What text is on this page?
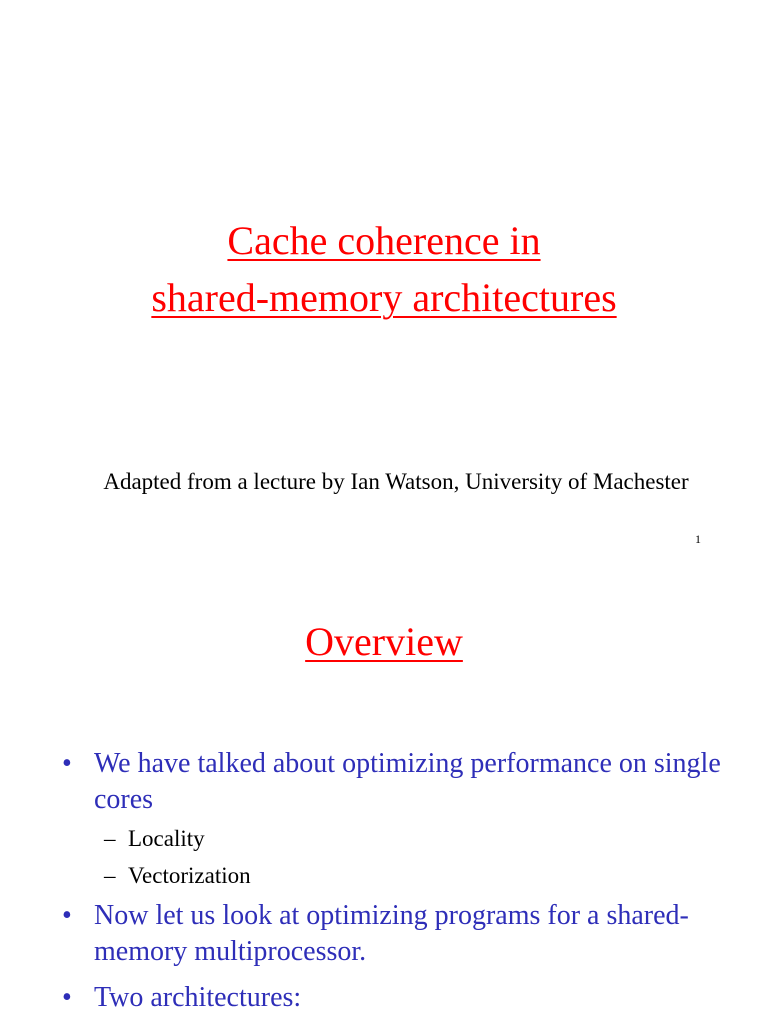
Cache coherence in
shared-memory architectures
Adapted from a lecture by Ian Watson, University of Machester
1
Overview
• We have talked about optimizing performance on single cores
– Locality
– Vectorization
• Now let us look at optimizing programs for a shared-memory multiprocessor.
• Two architectures:
